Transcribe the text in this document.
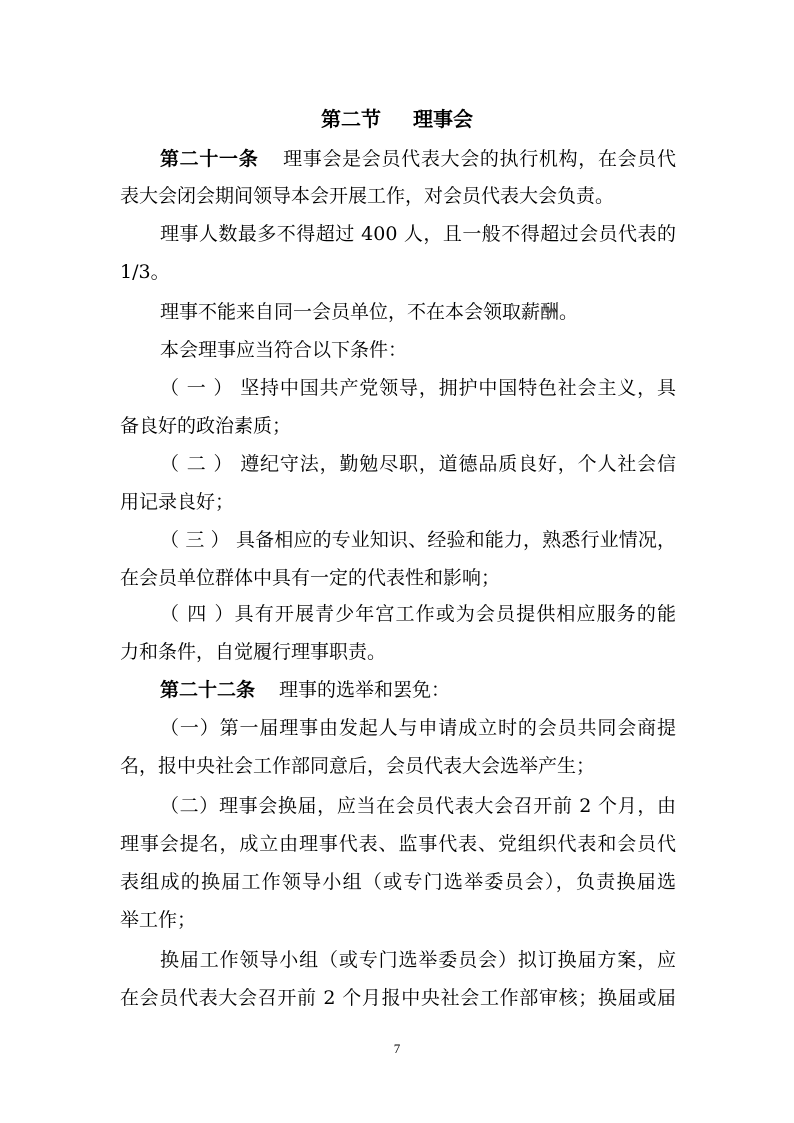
第二节 理事会
第二十一条 理事会是会员代表大会的执行机构，在会员代
表大会闭会期间领导本会开展工作，对会员代表大会负责。
理事人数最多不得超过 400 人，且一般不得超过会员代表的
1/3。
理事不能来自同一会员单位，不在本会领取薪酬。
本会理事应当符合以下条件：
（ 一 ） 坚持中国共产党领导，拥护中国特色社会主义，具
备良好的政治素质；
（ 二 ） 遵纪守法，勤勉尽职，道德品质良好，个人社会信
用记录良好；
（ 三 ） 具备相应的专业知识、经验和能力，熟悉行业情况，
在会员单位群体中具有一定的代表性和影响；
（ 四 ）具有开展青少年宫工作或为会员提供相应服务的能
力和条件，自觉履行理事职责。
第二十二条 理事的选举和罢免：
（一）第一届理事由发起人与申请成立时的会员共同会商提
名，报中央社会工作部同意后，会员代表大会选举产生；
（二）理事会换届，应当在会员代表大会召开前 2 个月，由
理事会提名，成立由理事代表、监事代表、党组织代表和会员代
表组成的换届工作领导小组（或专门选举委员会），负责换届选
举工作；
换届工作领导小组（或专门选举委员会）拟订换届方案，应
在会员代表大会召开前 2 个月报中央社会工作部审核；换届或届
7
